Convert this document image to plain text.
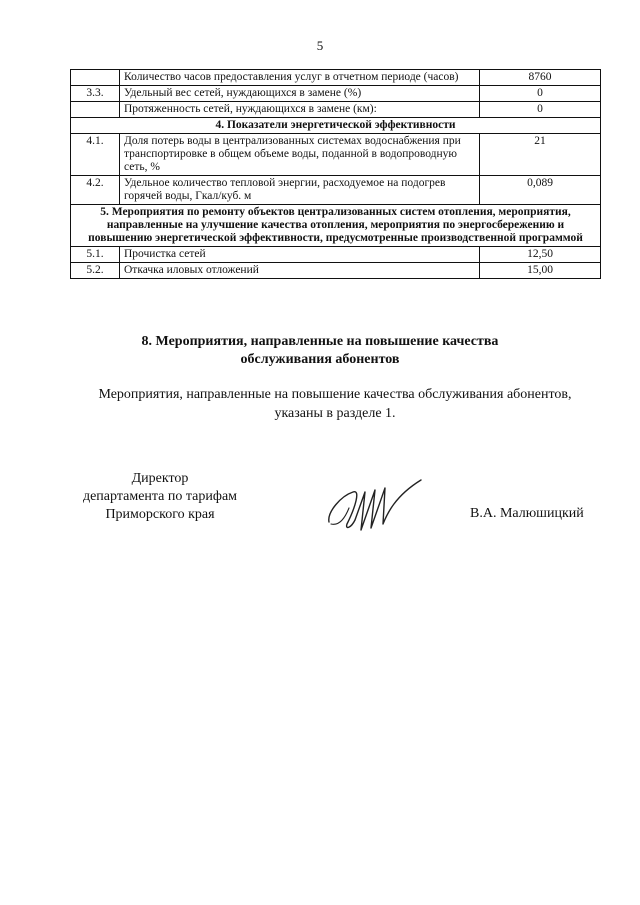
5
	Количество часов предоставления услуг в отчетном периоде (часов)	8760
3.3.	Удельный вес сетей, нуждающихся в замене (%)	0
	Протяженность сетей, нуждающихся в замене (км):	0
4. Показатели энергетической эффективности		
4.1.	Доля потерь воды в централизованных системах водоснабжения при транспортировке в общем объеме воды, поданной в водопроводную сеть, %	21
4.2.	Удельное количество тепловой энергии, расходуемое на подогрев горячей воды, Гкал/куб. м	0,089
5. Мероприятия по ремонту объектов централизованных систем отопления, мероприятия, направленные на улучшение качества отопления, мероприятия по энергосбережению и повышению энергетической эффективности, предусмотренные производственной программой		
5.1.	Прочистка сетей	12,50
5.2.	Откачка иловых отложений	15,00
8. Мероприятия, направленные на повышение качества
обслуживания абонентов
Мероприятия, направленные на повышение качества обслуживания абонентов,
указаны в разделе 1.
Директор
департамента по тарифам
Приморского края	В.А. Малюшицкий
